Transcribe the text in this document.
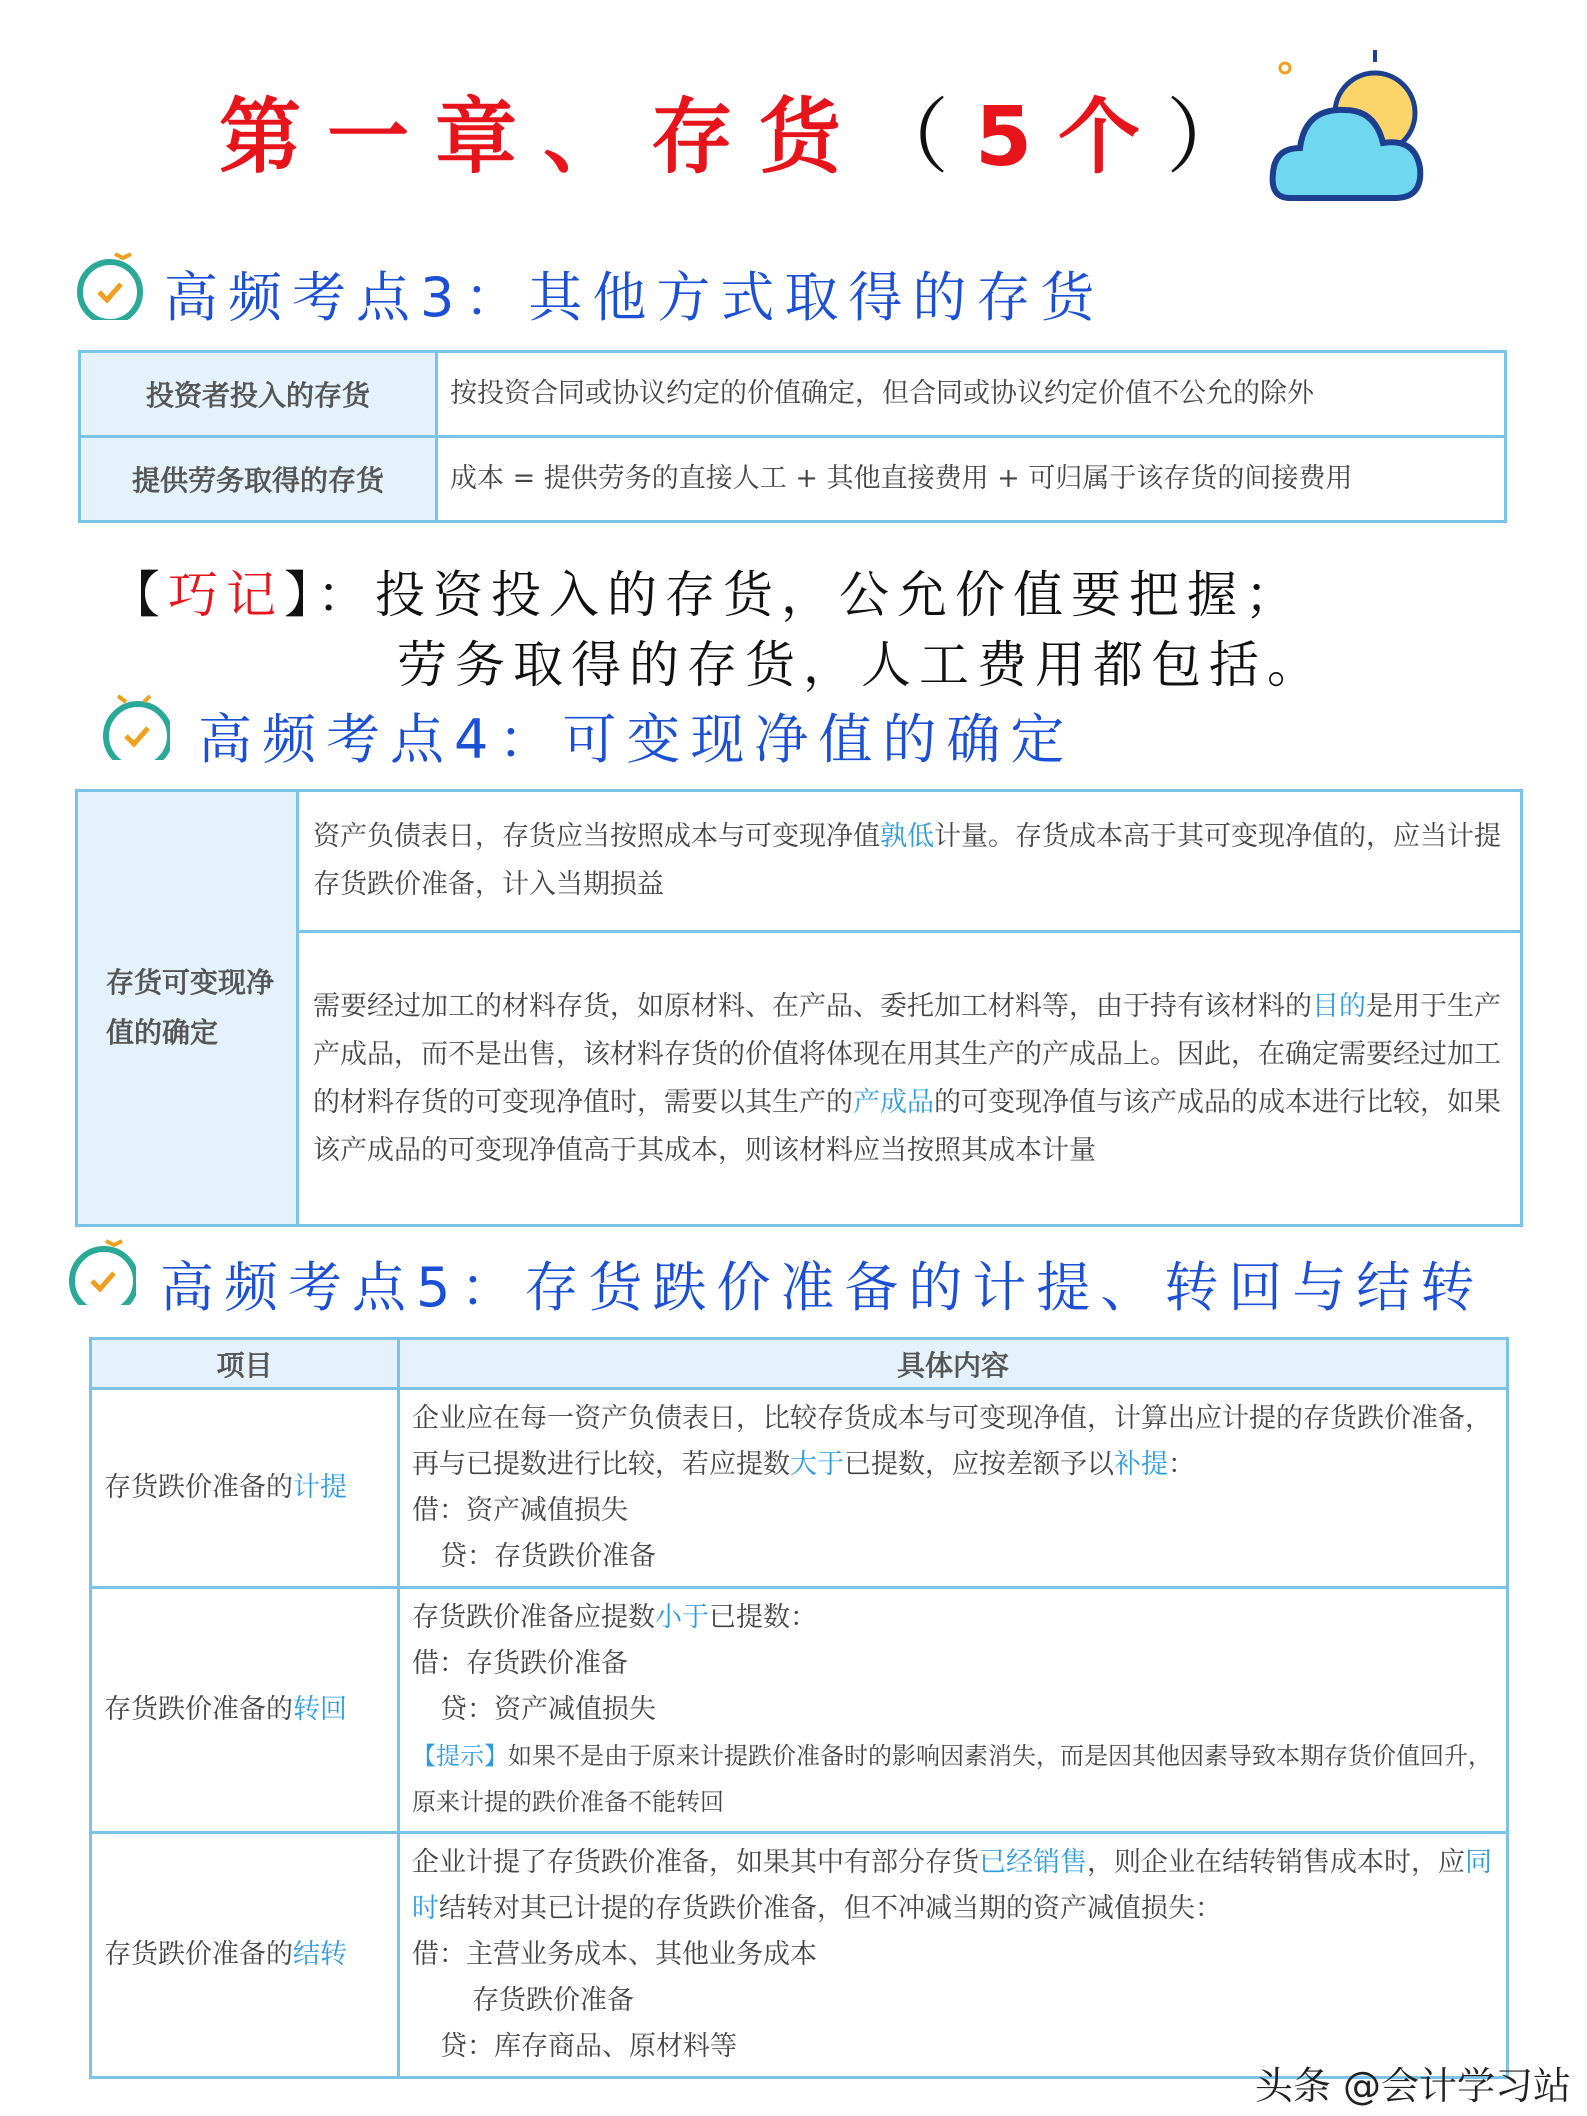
第一章、存货（5个）
高频考点3：其他方式取得的存货
投资者投入的存货	按投资合同或协议约定的价值确定，但合同或协议约定价值不公允的除外
提供劳务取得的存货	成本 = 提供劳务的直接人工 + 其他直接费用 + 可归属于该存货的间接费用
【巧记】：投资投入的存货，公允价值要把握；
劳务取得的存货，人工费用都包括。
高频考点4：可变现净值的确定
存货可变现净值的确定	资产负债表日，存货应当按照成本与可变现净值孰低计量。存货成本高于其可变现净值的，应当计提存货跌价准备，计入当期损益
需要经过加工的材料存货，如原材料、在产品、委托加工材料等，由于持有该材料的目的是用于生产产成品，而不是出售，该材料存货的价值将体现在用其生产的产成品上。因此，在确定需要经过加工的材料存货的可变现净值时，需要以其生产的产成品的可变现净值与该产成品的成本进行比较，如果该产成品的可变现净值高于其成本，则该材料应当按照其成本计量
高频考点5：存货跌价准备的计提、转回与结转
项目	具体内容
存货跌价准备的计提	企业应在每一资产负债表日，比较存货成本与可变现净值，计算出应计提的存货跌价准备，再与已提数进行比较，若应提数大于已提数，应按差额予以补提：
借：资产减值损失
贷：存货跌价准备

存货跌价准备的转回	存货跌价准备应提数小于已提数：
借：存货跌价准备
贷：资产减值损失
【提示】如果不是由于原来计提跌价准备时的影响因素消失，而是因其他因素导致本期存货价值回升，原来计提的跌价准备不能转回

存货跌价准备的结转	企业计提了存货跌价准备，如果其中有部分存货已经销售，则企业在结转销售成本时，应同时结转对其已计提的存货跌价准备，但不冲减当期的资产减值损失：
借：主营业务成本、其他业务成本
存货跌价准备
贷：库存商品、原材料等
头条 @会计学习站
